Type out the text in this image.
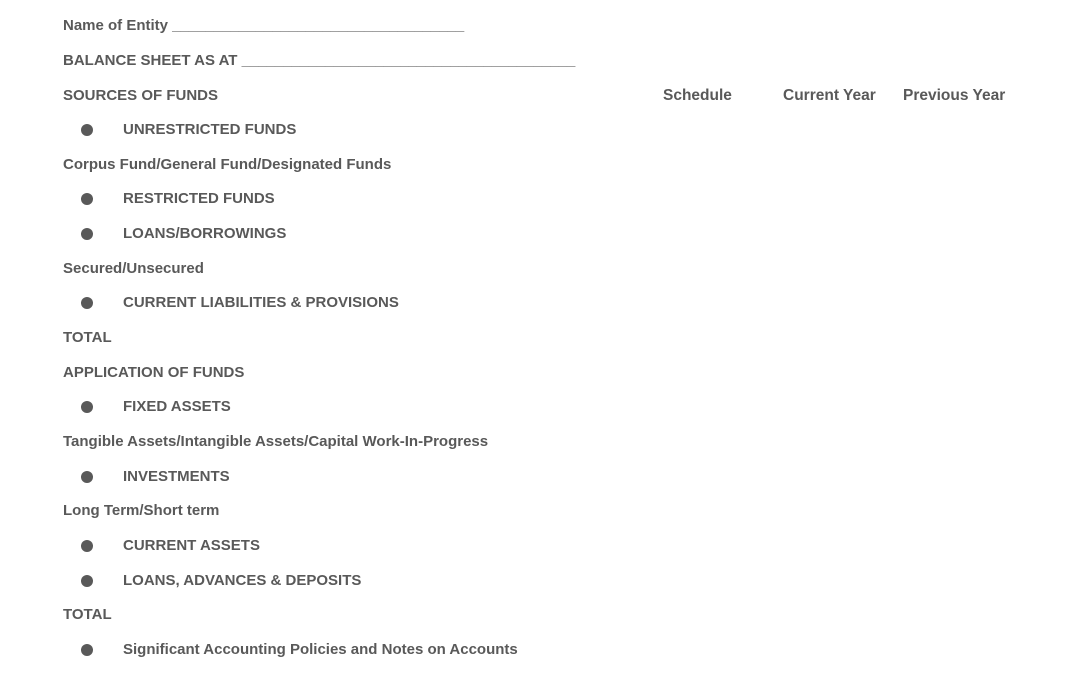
Name of Entity ___________________________________
BALANCE SHEET AS AT ________________________________________
SOURCES OF FUNDS	Schedule	Current Year Previous Year
UNRESTRICTED FUNDS
Corpus Fund/General Fund/Designated Funds
RESTRICTED FUNDS
LOANS/BORROWINGS
Secured/Unsecured
CURRENT LIABILITIES & PROVISIONS
TOTAL
APPLICATION OF FUNDS
FIXED ASSETS
Tangible Assets/Intangible Assets/Capital Work-In-Progress
INVESTMENTS
Long Term/Short term
CURRENT ASSETS
LOANS, ADVANCES & DEPOSITS
TOTAL
Significant Accounting Policies and Notes on Accounts
